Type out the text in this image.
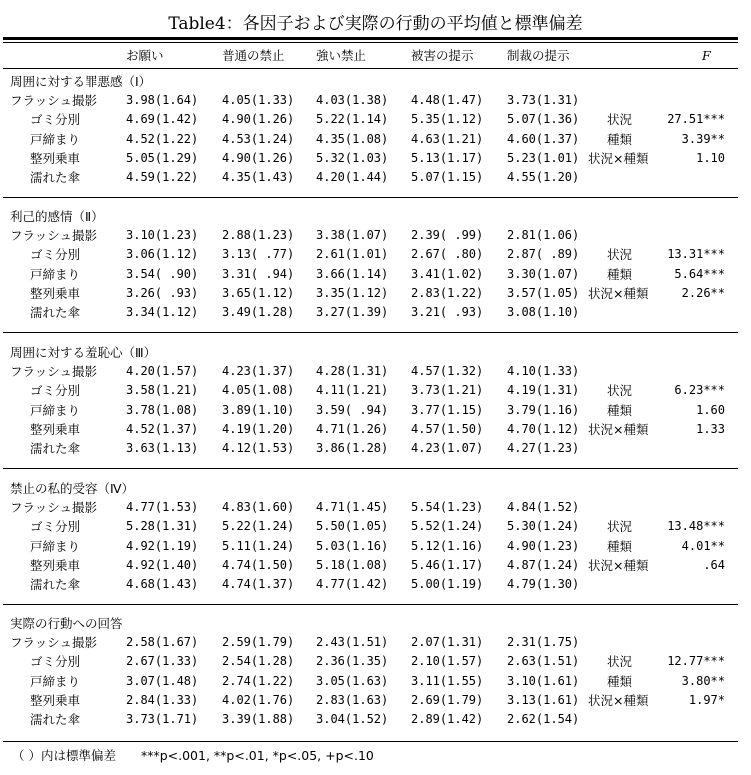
Table4：各因子および実際の行動の平均値と標準偏差
お願い	普通の禁止	強い禁止	被害の提示	制裁の提示	F
周囲に対する罪悪感（Ⅰ）
フラッシュ撮影 3.98(1.64) 4.05(1.33) 4.03(1.38) 4.48(1.47) 3.73(1.31)
ゴミ分別	4.69(1.42) 4.90(1.26) 5.22(1.14) 5.35(1.12) 5.07(1.36) 状況	27.51***
戸締まり	4.52(1.22) 4.53(1.24) 4.35(1.08) 4.63(1.21) 4.60(1.37) 種類	3.39**
整列乗車	5.05(1.29) 4.90(1.26) 5.32(1.03) 5.13(1.17) 5.23(1.01) 状況×種類	1.10
濡れた傘	4.59(1.22) 4.35(1.43) 4.20(1.44) 5.07(1.15) 4.55(1.20)
利己的感情（Ⅱ）
フラッシュ撮影 3.10(1.23) 2.88(1.23) 3.38(1.07) 2.39( .99) 2.81(1.06)
ゴミ分別	3.06(1.12) 3.13( .77) 2.61(1.01) 2.67( .80) 2.87( .89) 状況	13.31***
戸締まり	3.54( .90) 3.31( .94) 3.66(1.14) 3.41(1.02) 3.30(1.07) 種類	5.64***
整列乗車	3.26( .93) 3.65(1.12) 3.35(1.12) 2.83(1.22) 3.57(1.05) 状況×種類	2.26**
濡れた傘	3.34(1.12) 3.49(1.28) 3.27(1.39) 3.21( .93) 3.08(1.10)
周囲に対する羞恥心（Ⅲ）
フラッシュ撮影 4.20(1.57) 4.23(1.37) 4.28(1.31) 4.57(1.32) 4.10(1.33)
ゴミ分別	3.58(1.21) 4.05(1.08) 4.11(1.21) 3.73(1.21) 4.19(1.31) 状況	6.23***
戸締まり	3.78(1.08) 3.89(1.10) 3.59( .94) 3.77(1.15) 3.79(1.16) 種類	1.60
整列乗車	4.52(1.37) 4.19(1.20) 4.71(1.26) 4.57(1.50) 4.70(1.12) 状況×種類	1.33
濡れた傘	3.63(1.13) 4.12(1.53) 3.86(1.28) 4.23(1.07) 4.27(1.23)
禁止の私的受容（Ⅳ）
フラッシュ撮影 4.77(1.53) 4.83(1.60) 4.71(1.45) 5.54(1.23) 4.84(1.52)
ゴミ分別	5.28(1.31) 5.22(1.24) 5.50(1.05) 5.52(1.24) 5.30(1.24) 状況	13.48***
戸締まり	4.92(1.19) 5.11(1.24) 5.03(1.16) 5.12(1.16) 4.90(1.23) 種類	4.01**
整列乗車	4.92(1.40) 4.74(1.50) 5.18(1.08) 5.46(1.17) 4.87(1.24) 状況×種類	.64
濡れた傘	4.68(1.43) 4.74(1.37) 4.77(1.42) 5.00(1.19) 4.79(1.30)
実際の行動への回答
フラッシュ撮影 2.58(1.67) 2.59(1.79) 2.43(1.51) 2.07(1.31) 2.31(1.75)
ゴミ分別	2.67(1.33) 2.54(1.28) 2.36(1.35) 2.10(1.57) 2.63(1.51) 状況	12.77***
戸締まり	3.07(1.48) 2.74(1.22) 3.05(1.63) 3.11(1.55) 3.10(1.61) 種類	3.80**
整列乗車	2.84(1.33) 4.02(1.76) 2.83(1.63) 2.69(1.79) 3.13(1.61) 状況×種類	1.97*
濡れた傘	3.73(1.71) 3.39(1.88) 3.04(1.52) 2.89(1.42) 2.62(1.54)
（ ）内は標準偏差　　***p<.001, **p<.01, *p<.05, +p<.10
